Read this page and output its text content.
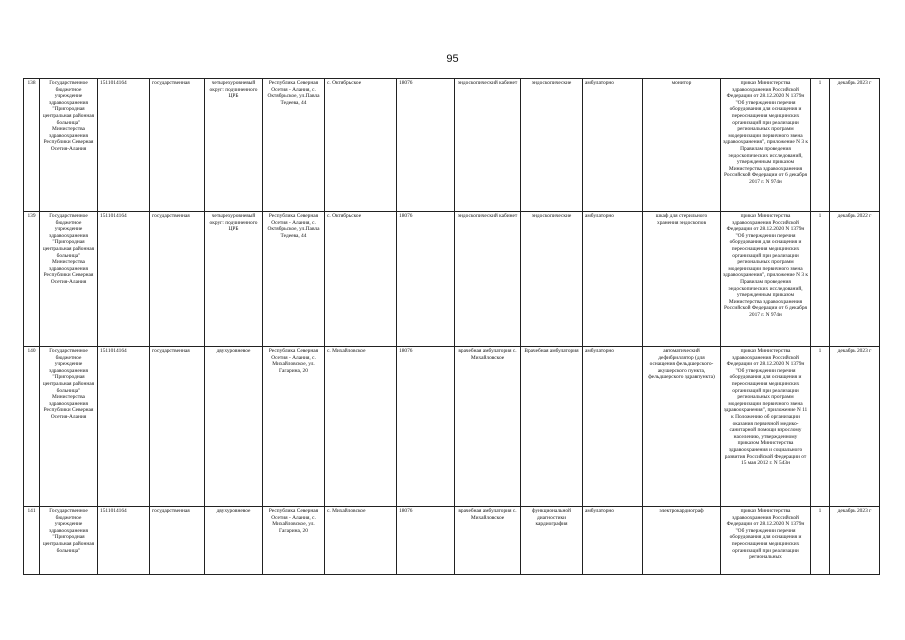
95
138	Государственное бюджетное учреждение здравоохранения "Пригородная центральная районная больница" Министерства здравоохранения Республики Северная Осетия-Алания	1511014164	государственная	четырехуровневый округ: подчиненного ЦРБ	Республика Северная Осетия - Алания, с. Октябрьское, ул.Павла Тедеева, 44	с. Октябрьское	18076	эндоскопический кабинет	эндоскопические	амбулаторно	монитор	приказ Министерства здравоохранения Российской Федерации от 28.12.2020 N 1379н "Об утверждении перечня оборудования для оснащения и переоснащения медицинских организаций при реализации региональных программ модернизации первичного звена здравоохранения", приложение N 3 к Правилам проведения эндоскопических исследований, утвержденным приказом Министерства здравоохранения Российской Федерации от 6 декабря 2017 г. N 974н	1	декабрь 2023 г
139	Государственное бюджетное учреждение здравоохранения "Пригородная центральная районная больница" Министерства здравоохранения Республики Северная Осетия-Алания	1511014164	государственная	четырехуровневый округ: подчиненного ЦРБ	Республика Северная Осетия - Алания, с. Октябрьское, ул.Павла Тедеева, 44	с. Октябрьское	18076	эндоскопический кабинет	эндоскопические	амбулаторно	шкаф для стерильного хранения эндоскопов	приказ Министерства здравоохранения Российской Федерации от 28.12.2020 N 1379н "Об утверждении перечня оборудования для оснащения и переоснащения медицинских организаций при реализации региональных программ модернизации первичного звена здравоохранения", приложение N 3 к Правилам проведения эндоскопических исследований, утвержденным приказом Министерства здравоохранения Российской Федерации от 6 декабря 2017 г. N 974н	1	декабрь 2022 г
140	Государственное бюджетное учреждение здравоохранения "Пригородная центральная районная больница" Министерства здравоохранения Республики Северная Осетия-Алания	1511014164	государственная	двухуровневое	Республика Северная Осетия - Алания, с. Михайловское, ул. Гагарина, 20	с. Михайловское	18076	врачебная амбулатория с. Михайловское	Врачебная амбулатория	амбулаторно	автоматический дефибриллятор (для оснащения фельдшерского-акушерского пункта, фельдшерского здравпункта)	приказ Министерства здравоохранения Российской Федерации от 28.12.2020 N 1379н "Об утверждении перечня оборудования для оснащения и переоснащения медицинских организаций при реализации региональных программ модернизации первичного звена здравоохранения", приложение N 11 к Положению об организации оказания первичной медико-санитарной помощи взрослому населению, утвержденному приказом Министерства здравоохранения и социального развития Российской Федерации от 15 мая 2012 г. N 543н	1	декабрь 2023 г
141	Государственное бюджетное учреждение здравоохранения "Пригородная центральная районная больница"	1511014164	государственная	двухуровневое	Республика Северная Осетия - Алания, с. Михайловское, ул. Гагарина, 20	с. Михайловское	18076	врачебная амбулатория с. Михайловское	функциональной диагностики кардиография	амбулаторно	электрокардиограф	приказ Министерства здравоохранения Российской Федерации от 28.12.2020 N 1379н "Об утверждении перечня оборудования для оснащения и переоснащения медицинских организаций при реализации региональных	1	декабрь 2023 г
